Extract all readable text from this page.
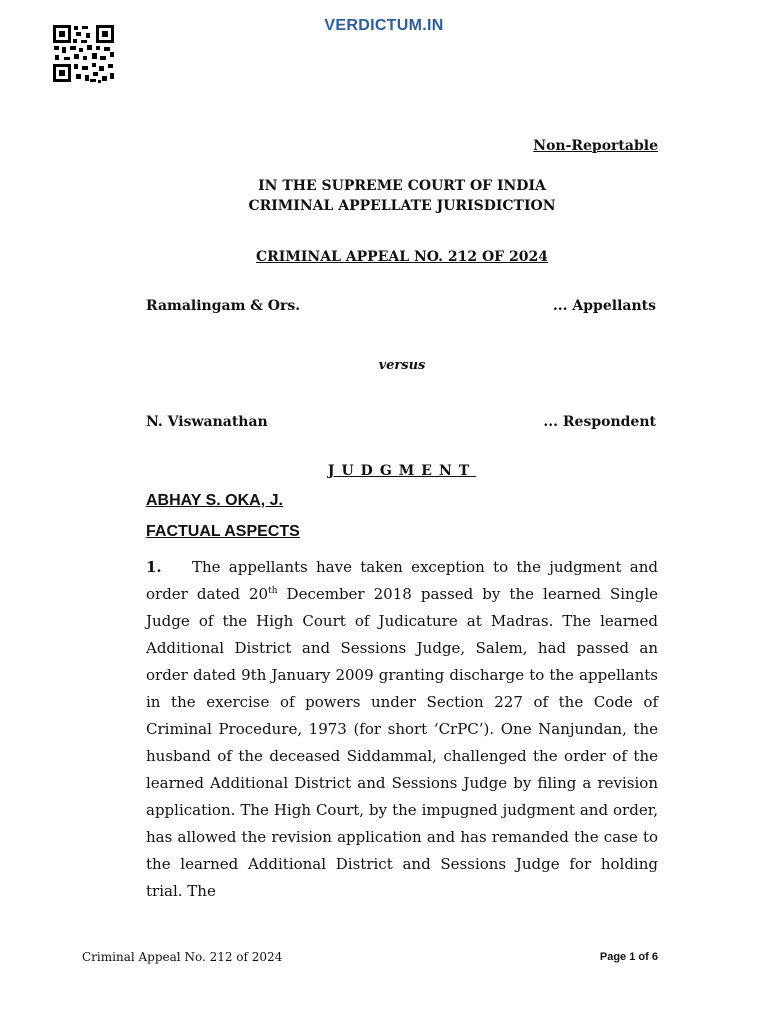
VERDICTUM.IN
Non-Reportable
IN THE SUPREME COURT OF INDIA
CRIMINAL APPELLATE JURISDICTION
CRIMINAL APPEAL NO. 212 OF 2024
Ramalingam & Ors.	... Appellants
versus
N. Viswanathan	... Respondent
JUDGMENT
ABHAY S. OKA, J.
FACTUAL ASPECTS
1. The appellants have taken exception to the judgment and order dated 20th December 2018 passed by the learned Single Judge of the High Court of Judicature at Madras. The learned Additional District and Sessions Judge, Salem, had passed an order dated 9th January 2009 granting discharge to the appellants in the exercise of powers under Section 227 of the Code of Criminal Procedure, 1973 (for short ‘CrPC’). One Nanjundan, the husband of the deceased Siddammal, challenged the order of the learned Additional District and Sessions Judge by filing a revision application. The High Court, by the impugned judgment and order, has allowed the revision application and has remanded the case to the learned Additional District and Sessions Judge for holding trial. The
Criminal Appeal No. 212 of 2024	Page 1 of 6
